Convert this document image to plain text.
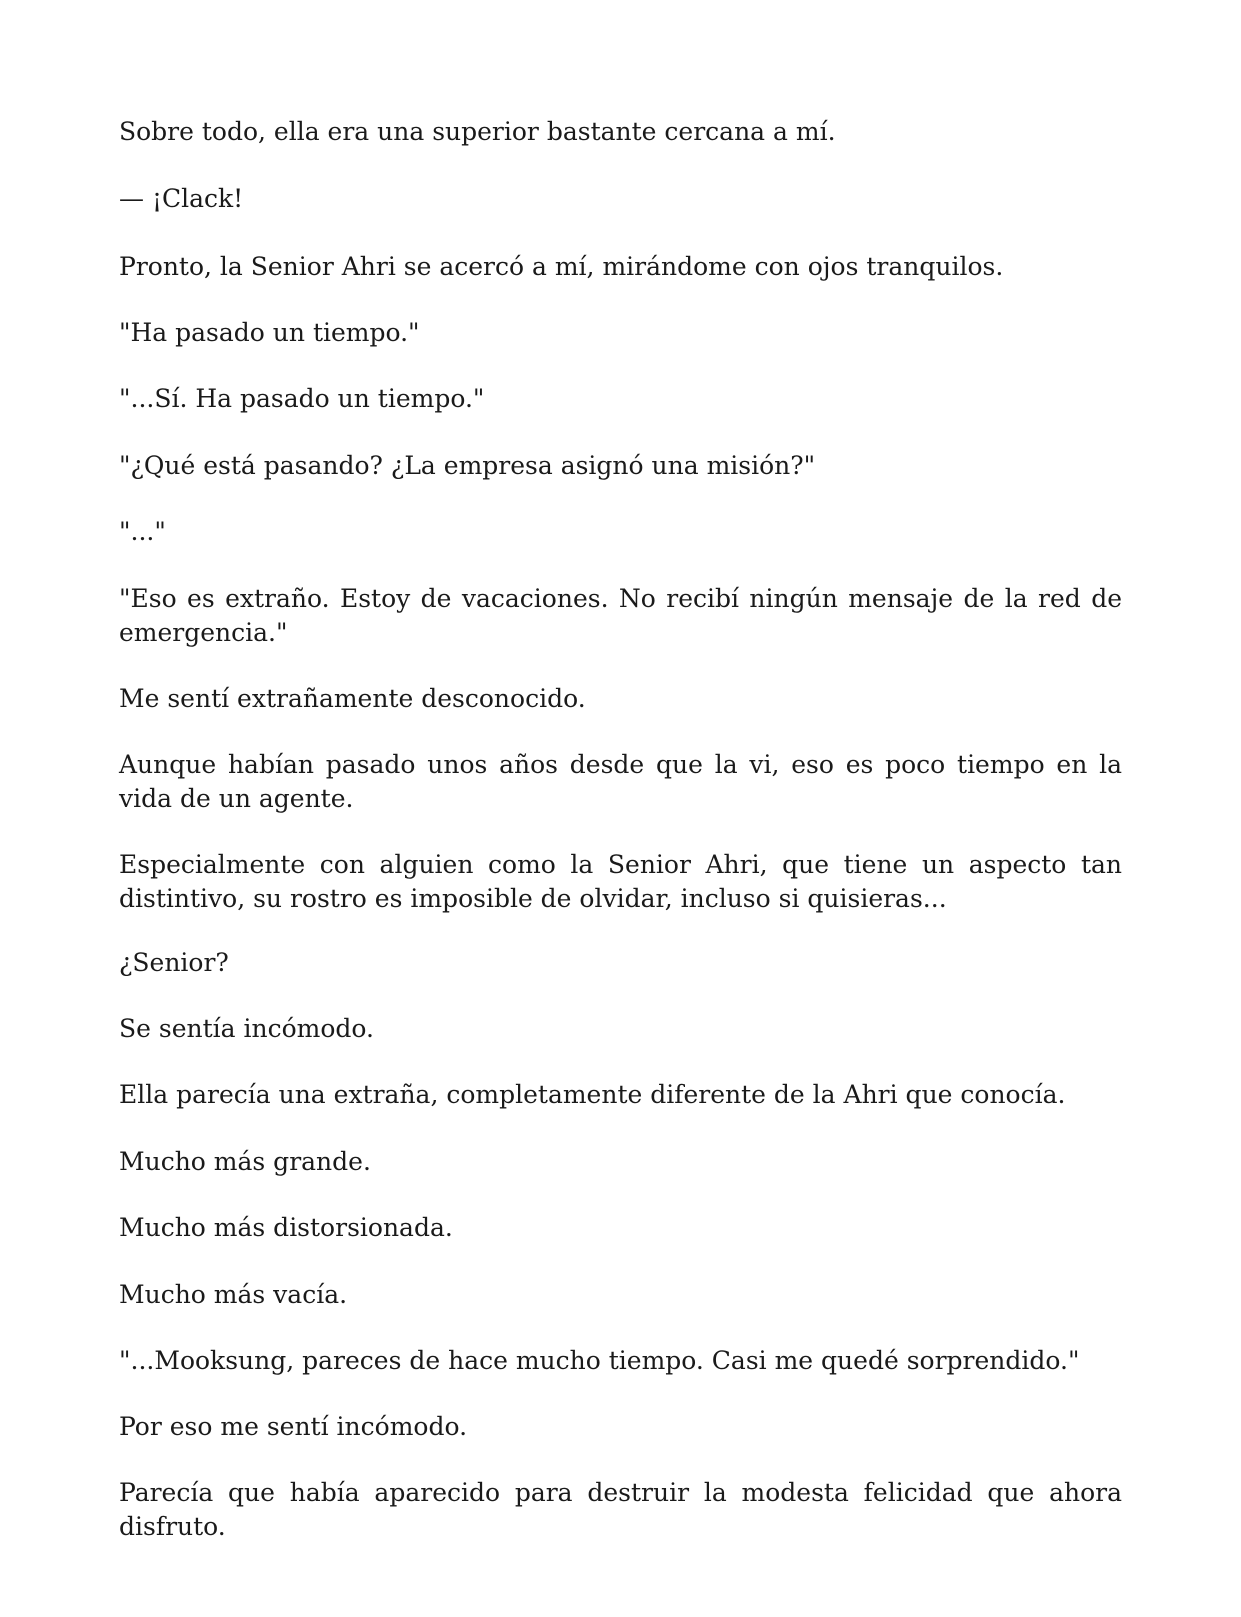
Sobre todo, ella era una superior bastante cercana a mí.

— ¡Clack!

Pronto, la Senior Ahri se acercó a mí, mirándome con ojos tranquilos.

"Ha pasado un tiempo."

"...Sí. Ha pasado un tiempo."

"¿Qué está pasando? ¿La empresa asignó una misión?"

"..."

"Eso es extraño. Estoy de vacaciones. No recibí ningún mensaje de la red de emergencia."

Me sentí extrañamente desconocido.

Aunque habían pasado unos años desde que la vi, eso es poco tiempo en la vida de un agente.

Especialmente con alguien como la Senior Ahri, que tiene un aspecto tan distintivo, su rostro es imposible de olvidar, incluso si quisieras...

¿Senior?

Se sentía incómodo.

Ella parecía una extraña, completamente diferente de la Ahri que conocía.

Mucho más grande.

Mucho más distorsionada.

Mucho más vacía.

"...Mooksung, pareces de hace mucho tiempo. Casi me quedé sorprendido."

Por eso me sentí incómodo.

Parecía que había aparecido para destruir la modesta felicidad que ahora disfruto.
